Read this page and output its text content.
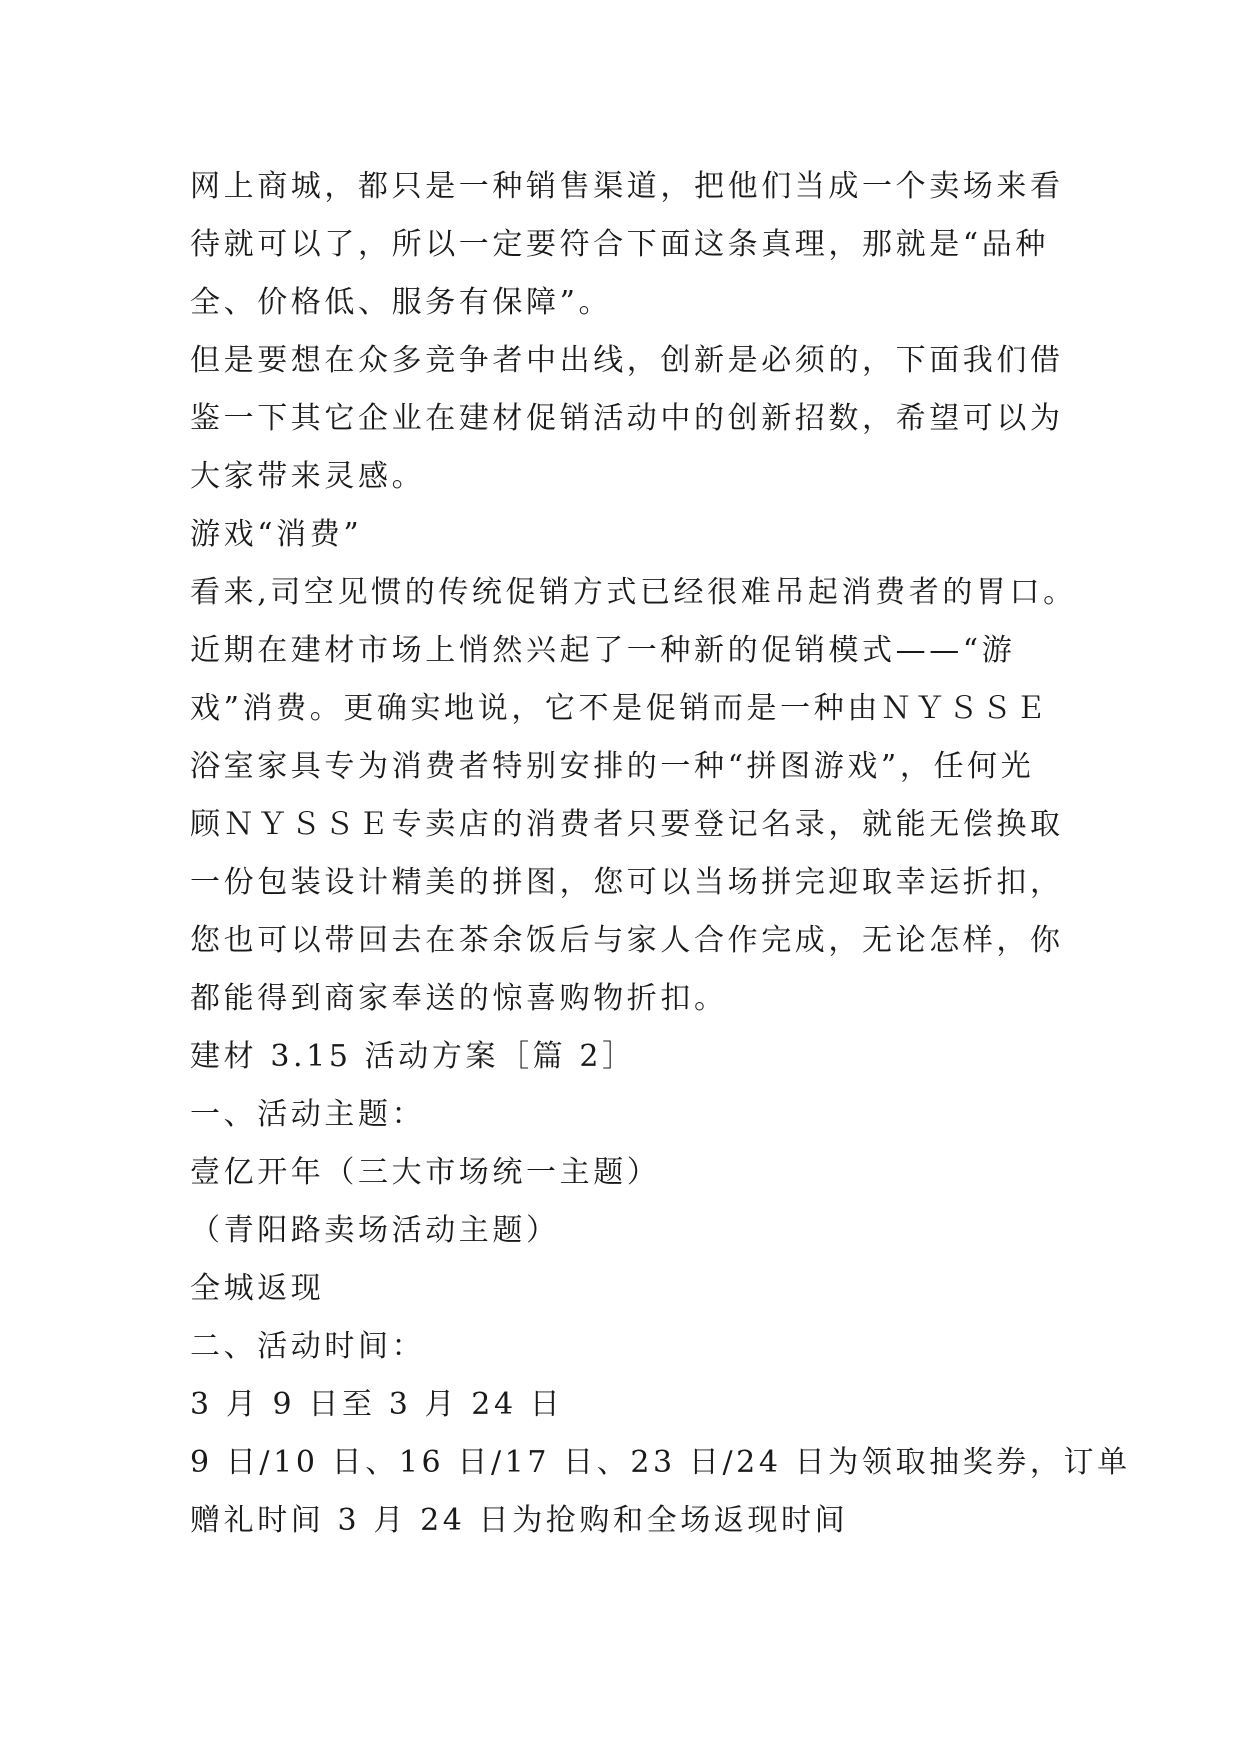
网上商城，都只是一种销售渠道，把他们当成一个卖场来看
待就可以了，所以一定要符合下面这条真理，那就是“品种
全、价格低、服务有保障”。
但是要想在众多竞争者中出线，创新是必须的，下面我们借
鉴一下其它企业在建材促销活动中的创新招数，希望可以为
大家带来灵感。
游戏“消费”
看来,司空见惯的传统促销方式已经很难吊起消费者的胃口。
近期在建材市场上悄然兴起了一种新的促销模式——“游
戏”消费。更确实地说，它不是促销而是一种由ＮＹＳＳＥ
浴室家具专为消费者特别安排的一种“拼图游戏”，任何光
顾ＮＹＳＳＥ专卖店的消费者只要登记名录，就能无偿换取
一份包装设计精美的拼图，您可以当场拼完迎取幸运折扣，
您也可以带回去在茶余饭后与家人合作完成，无论怎样，你
都能得到商家奉送的惊喜购物折扣。
建材 3.15 活动方案［篇 2］
一、活动主题：
壹亿开年（三大市场统一主题）
（青阳路卖场活动主题）
全城返现
二、活动时间：
3 月 9 日至 3 月 24 日
9 日/10 日、16 日/17 日、23 日/24 日为领取抽奖券，订单
赠礼时间 3 月 24 日为抢购和全场返现时间
